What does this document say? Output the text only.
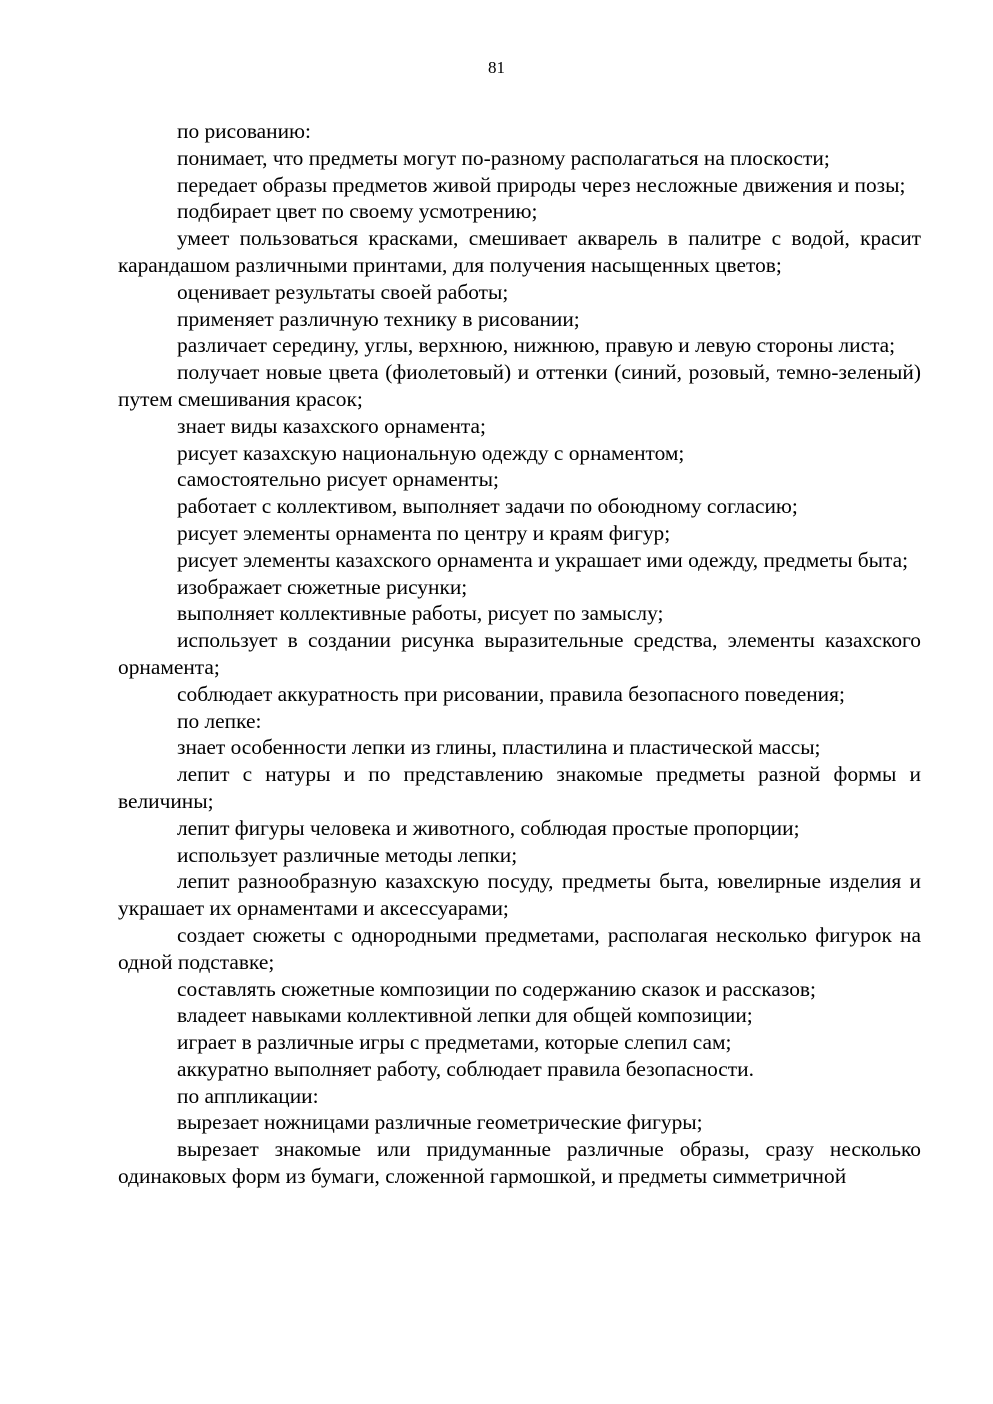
81

по рисованию:

понимает, что предметы могут по-разному располагаться на плоскости;

передает образы предметов живой природы через несложные движения и позы;

подбирает цвет по своему усмотрению;

умеет пользоваться красками, смешивает акварель в палитре с водой, красит карандашом различными принтами, для получения насыщенных цветов;

оценивает результаты своей работы;

применяет различную технику в рисовании;

различает середину, углы, верхнюю, нижнюю, правую и левую стороны листа;

получает новые цвета (фиолетовый) и оттенки (синий, розовый, темно-зеленый) путем смешивания красок;

знает виды казахского орнамента;

рисует казахскую национальную одежду с орнаментом;

самостоятельно рисует орнаменты;

работает с коллективом, выполняет задачи по обоюдному согласию;

рисует элементы орнамента по центру и краям фигур;

рисует элементы казахского орнамента и украшает ими одежду, предметы быта;

изображает сюжетные рисунки;

выполняет коллективные работы, рисует по замыслу;

использует в создании рисунка выразительные средства, элементы казахского орнамента;

соблюдает аккуратность при рисовании, правила безопасного поведения;

по лепке:

знает особенности лепки из глины, пластилина и пластической массы;

лепит с натуры и по представлению знакомые предметы разной формы и величины;

лепит фигуры человека и животного, соблюдая простые пропорции;

использует различные методы лепки;

лепит разнообразную казахскую посуду, предметы быта, ювелирные изделия и украшает их орнаментами и аксессуарами;

создает сюжеты с однородными предметами, располагая несколько фигурок на одной подставке;

составлять сюжетные композиции по содержанию сказок и рассказов;

владеет навыками коллективной лепки для общей композиции;

играет в различные игры с предметами, которые слепил сам;

аккуратно выполняет работу, соблюдает правила безопасности.

по аппликации:

вырезает ножницами различные геометрические фигуры;

вырезает знакомые или придуманные различные образы, сразу несколько одинаковых форм из бумаги, сложенной гармошкой, и предметы симметричной
